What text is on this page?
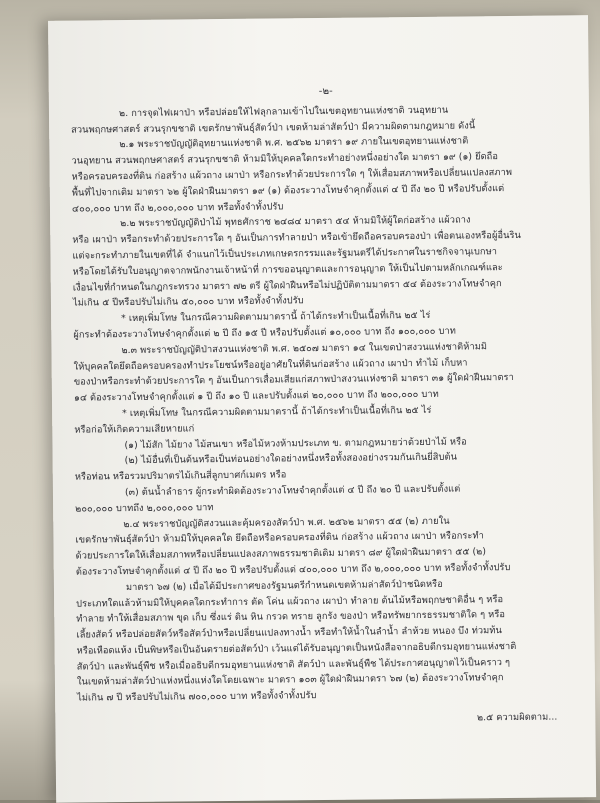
-๒-

๒. การจุดไฟเผาป่า หรือปล่อยให้ไฟลุกลามเข้าไปในเขตอุทยานแห่งชาติ วนอุทยาน

สวนพฤกษศาสตร์ สวนรุกขชาติ เขตรักษาพันธุ์สัตว์ป่า เขตห้ามล่าสัตว์ป่า มีความผิดตามกฎหมาย ดังนี้

๒.๑ พระราชบัญญัติอุทยานแห่งชาติ พ.ศ. ๒๕๖๒ มาตรา ๑๙ ภายในเขตอุทยานแห่งชาติ

วนอุทยาน สวนพฤกษศาสตร์ สวนรุกขชาติ ห้ามมิให้บุคคลใดกระทำอย่างหนึ่งอย่างใด มาตรา ๑๙ (๑) ยึดถือ

หรือครอบครองที่ดิน ก่อสร้าง แผ้วถาง เผาป่า หรือกระทำด้วยประการใด ๆ ให้เสื่อมสภาพหรือเปลี่ยนแปลงสภาพ

พื้นที่ไปจากเดิม มาตรา ๖๒ ผู้ใดฝ่าฝืนมาตรา ๑๙ (๑) ต้องระวางโทษจำคุกตั้งแต่ ๔ ปี ถึง ๒๐ ปี หรือปรับตั้งแต่

๔๐๐,๐๐๐ บาท ถึง ๒,๐๐๐,๐๐๐ บาท หรือทั้งจำทั้งปรับ

๒.๒ พระราชบัญญัติป่าไม้ พุทธศักราช ๒๔๘๔ มาตรา ๕๔ ห้ามมิให้ผู้ใดก่อสร้าง แผ้วถาง

หรือ เผาป่า หรือกระทำด้วยประการใด ๆ อันเป็นการทำลายป่า หรือเข้ายึดถือครอบครองป่า เพื่อตนเองหรือผู้อื่นริน

แต่จะกระทำภายในเขตที่ได้ จำแนกไว้เป็นประเภทเกษตรกรรมและรัฐมนตรีได้ประกาศในราชกิจจานุเบกษา

หรือโดยได้รับใบอนุญาตจากพนักงานเจ้าหน้าที่ การขออนุญาตและการอนุญาต ให้เป็นไปตามหลักเกณฑ์และ

เงื่อนไขที่กำหนดในกฎกระทรวง มาตรา ๗๒ ตรี ผู้ใดฝ่าฝืนหรือไม่ปฏิบัติตามมาตรา ๕๔ ต้องระวางโทษจำคุก

ไม่เกิน ๕ ปีหรือปรับไม่เกิน ๕๐,๐๐๐ บาท หรือทั้งจำทั้งปรับ

* เหตุเพิ่มโทษ ในกรณีความผิดตามมาตรานี้ ถ้าได้กระทำเป็นเนื้อที่เกิน ๒๕ ไร่

ผู้กระทำต้องระวางโทษจำคุกตั้งแต่ ๒ ปี ถึง ๑๕ ปี หรือปรับตั้งแต่ ๑๐,๐๐๐ บาท ถึง ๑๐๐,๐๐๐ บาท

๒.๓ พระราชบัญญัติป่าสงวนแห่งชาติ พ.ศ. ๒๕๐๗ มาตรา ๑๔ ในเขตป่าสงวนแห่งชาติห้ามมิ

ให้บุคคลใดยึดถือครอบครองทำประโยชน์หรืออยู่อาศัยในที่ดินก่อสร้าง แผ้วถาง เผาป่า ทำไม้ เก็บหา

ของป่าหรือกระทำด้วยประการใด ๆ อันเป็นการเสื่อมเสียแก่สภาพป่าสงวนแห่งชาติ มาตรา ๓๑ ผู้ใดฝ่าฝืนมาตรา

๑๔ ต้องระวางโทษจำคุกตั้งแต่ ๑ ปี ถึง ๑๐ ปี และปรับตั้งแต่ ๒๐,๐๐๐ บาท ถึง ๒๐๐,๐๐๐ บาท

* เหตุเพิ่มโทษ ในกรณีความผิดตามมาตรานี้ ถ้าได้กระทำเป็นเนื้อที่เกิน ๒๕ ไร่

หรือก่อให้เกิดความเสียหายแก่

(๑) ไม้สัก ไม้ยาง ไม้สนเขา หรือไม้หวงห้ามประเภท ข. ตามกฎหมายว่าด้วยป่าไม้ หรือ

(๒) ไม้อื่นที่เป็นต้นหรือเป็นท่อนอย่างใดอย่างหนึ่งหรือทั้งสองอย่างรวมกันเกินยี่สิบต้น

หรือท่อน หรือรวมปริมาตรไม้เกินสี่ลูกบาศก์เมตร หรือ

(๓) ต้นน้ำลำธาร ผู้กระทำผิดต้องระวางโทษจำคุกตั้งแต่ ๔ ปี ถึง ๒๐ ปี และปรับตั้งแต่

๒๐๐,๐๐๐ บาทถึง ๒,๐๐๐,๐๐๐ บาท

๒.๔ พระราชบัญญัติสงวนและคุ้มครองสัตว์ป่า พ.ศ. ๒๕๖๒ มาตรา ๕๕ (๒) ภายใน

เขตรักษาพันธุ์สัตว์ป่า ห้ามมิให้บุคคลใด ยึดถือหรือครอบครองที่ดิน ก่อสร้าง แผ้วถาง เผาป่า หรือกระทำ

ด้วยประการใดให้เสื่อมสภาพหรือเปลี่ยนแปลงสภาพธรรมชาติเดิม มาตรา ๘๙ ผู้ใดฝ่าฝืนมาตรา ๕๕ (๒)

ต้องระวางโทษจำคุกตั้งแต่ ๔ ปี ถึง ๒๐ ปี หรือปรับตั้งแต่ ๔๐๐,๐๐๐ บาท ถึง ๒,๐๐๐,๐๐๐ บาท หรือทั้งจำทั้งปรับ

มาตรา ๖๗ (๒) เมื่อได้มีประกาศของรัฐมนตรีกำหนดเขตห้ามล่าสัตว์ป่าชนิดหรือ

ประเภทใดแล้วห้ามมิให้บุคคลใดกระทำการ ตัด โค่น แผ้วถาง เผาป่า ทำลาย ต้นไม้หรือพฤกษชาติอื่น ๆ หรือ

ทำลาย ทำให้เสื่อมสภาพ ขุด เก็บ ซึ่งแร่ ดิน หิน กรวด ทราย ลูกรัง ของป่า หรือทรัพยากรธรรมชาติใด ๆ หรือ

เลี้ยงสัตว์ หรือปล่อยสัตว์หรือสัตว์ป่าหรือเปลี่ยนแปลงทางน้ำ หรือทำให้น้ำในลำน้ำ ลำห้วย หนอง บึง ท่วมท้น

หรือเหือดแห้ง เป็นพิษหรือเป็นอันตรายต่อสัตว์ป่า เว้นแต่ได้รับอนุญาตเป็นหนังสือจากอธิบดีกรมอุทยานแห่งชาติ

สัตว์ป่า และพันธุ์พืช หรือเมื่ออธิบดีกรมอุทยานแห่งชาติ สัตว์ป่า และพันธุ์พืช ได้ประกาศอนุญาตไว้เป็นคราว ๆ

ในเขตห้ามล่าสัตว์ป่าแห่งหนึ่งแห่งใดโดยเฉพาะ มาตรา ๑๐๓ ผู้ใดฝ่าฝืนมาตรา ๖๗ (๒) ต้องระวางโทษจำคุก

ไม่เกิน ๗ ปี หรือปรับไม่เกิน ๗๐๐,๐๐๐ บาท หรือทั้งจำทั้งปรับ

๒.๕ ความผิดตาม...
